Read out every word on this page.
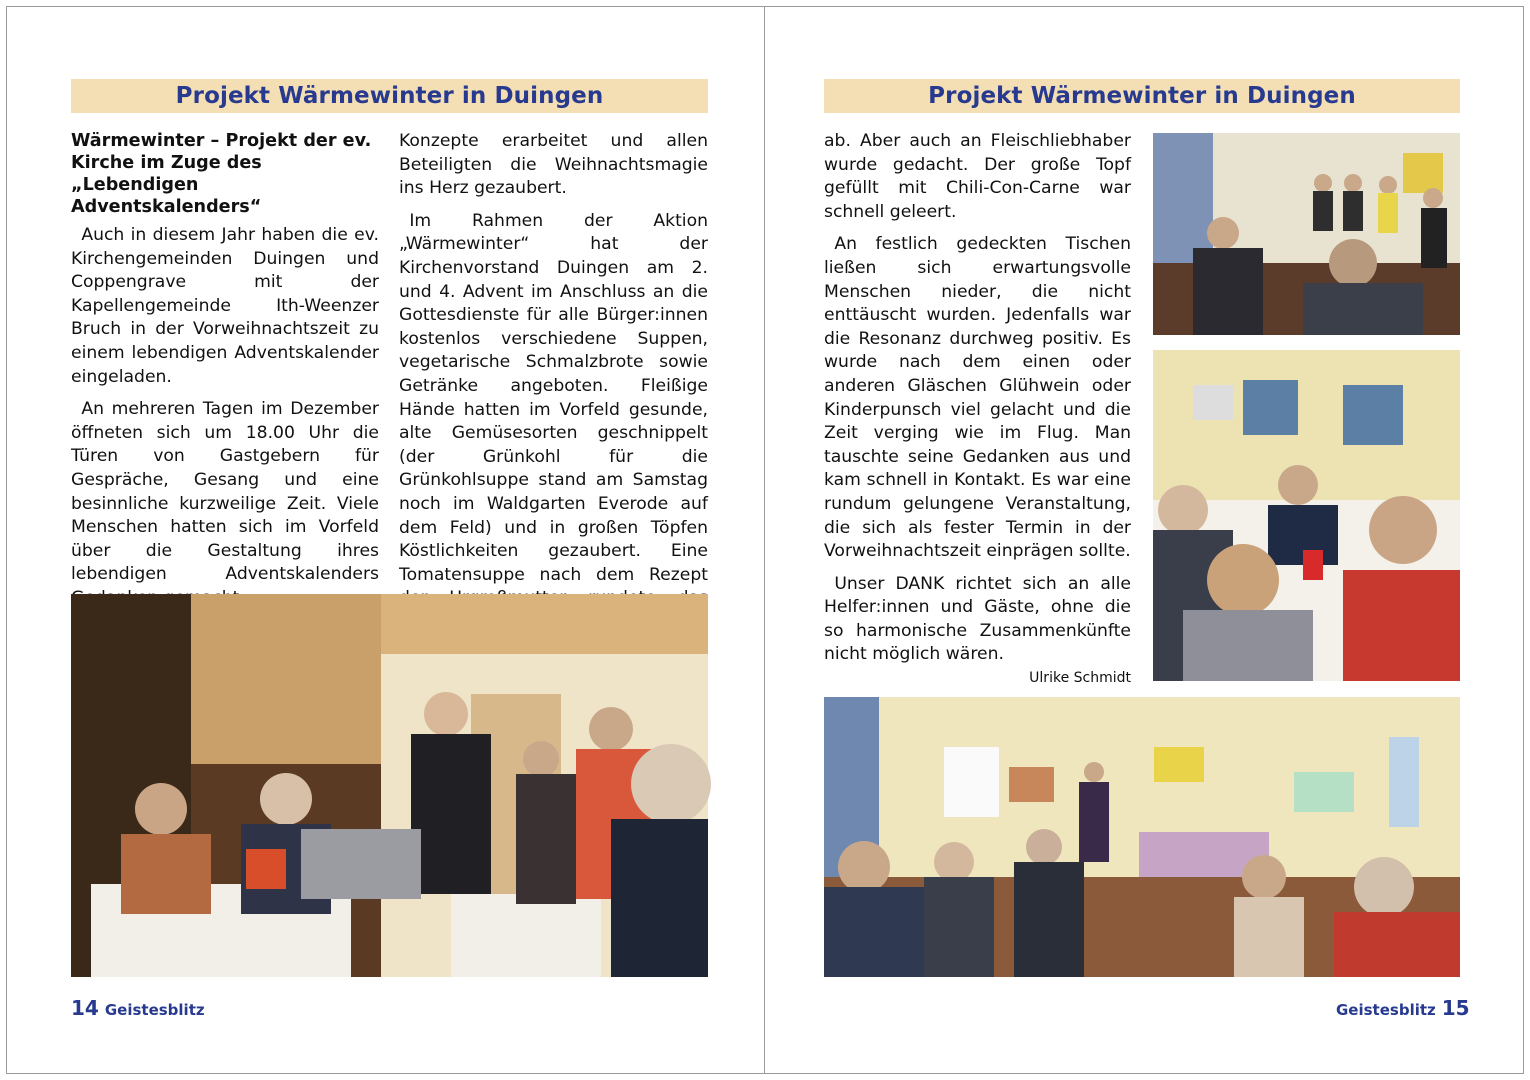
Projekt Wärmewinter in Duingen
Wärmewinter – Projekt der ev. Kirche im Zuge des „Lebendigen Adventskalenders“

Auch in diesem Jahr haben die ev. Kirchengemeinden Duingen und Coppengrave mit der Kapellengemeinde Ith-Weenzer Bruch in der Vorweihnachtszeit zu einem lebendigen Adventskalender eingeladen.

An mehreren Tagen im Dezember öffneten sich um 18.00 Uhr die Türen von Gastgebern für Gespräche, Gesang und eine besinnliche kurzweilige Zeit. Viele Menschen hatten sich im Vorfeld über die Gestaltung ihres lebendigen Adventskalenders

Konzepte erarbeitet und allen Beteiligten die Weihnachtsmagie ins Herz gezaubert.

Im Rahmen der Aktion „Wärmewinter“ hat der Kirchenvorstand Duingen am 2. und 4. Advent im Anschluss an die Gottesdienste für alle Bürger:innen kostenlos verschiedene Suppen, vegetarische Schmalzbrote sowie Getränke angeboten. Fleißige Hände hatten im Vorfeld gesunde, alte Gemüsesorten geschnippelt (der Grünkohl für die Grünkohlsuppe stand am Samstag noch im Waldgarten Everode auf dem Feld) und in großen Töpfen Köstlichkeiten gezaubert. Eine Tomatensuppe nach dem Rezept

14 Geistesblitz
Projekt Wärmewinter in Duingen

ab. Aber auch an Fleischliebhaber wurde gedacht. Der große Topf gefüllt mit Chili-Con-Carne war schnell geleert.

An festlich gedeckten Tischen ließen sich erwartungsvolle Menschen nieder, die nicht enttäuscht wurden. Jedenfalls war die Resonanz durchweg positiv. Es wurde nach dem einen oder anderen Gläschen Glühwein oder Kinderpunsch viel gelacht und die Zeit verging wie im Flug. Man tauschte seine Gedanken aus und kam schnell in Kontakt. Es war eine rundum gelungene Veranstaltung, die sich als fester Termin in der Vorweihnachtszeit einprägen sollte.

Unser DANK richtet sich an alle Helfer:innen und Gäste, ohne die so harmonische Zusammenkünfte nicht möglich wären.

Ulrike Schmidt
Geistesblitz 15
